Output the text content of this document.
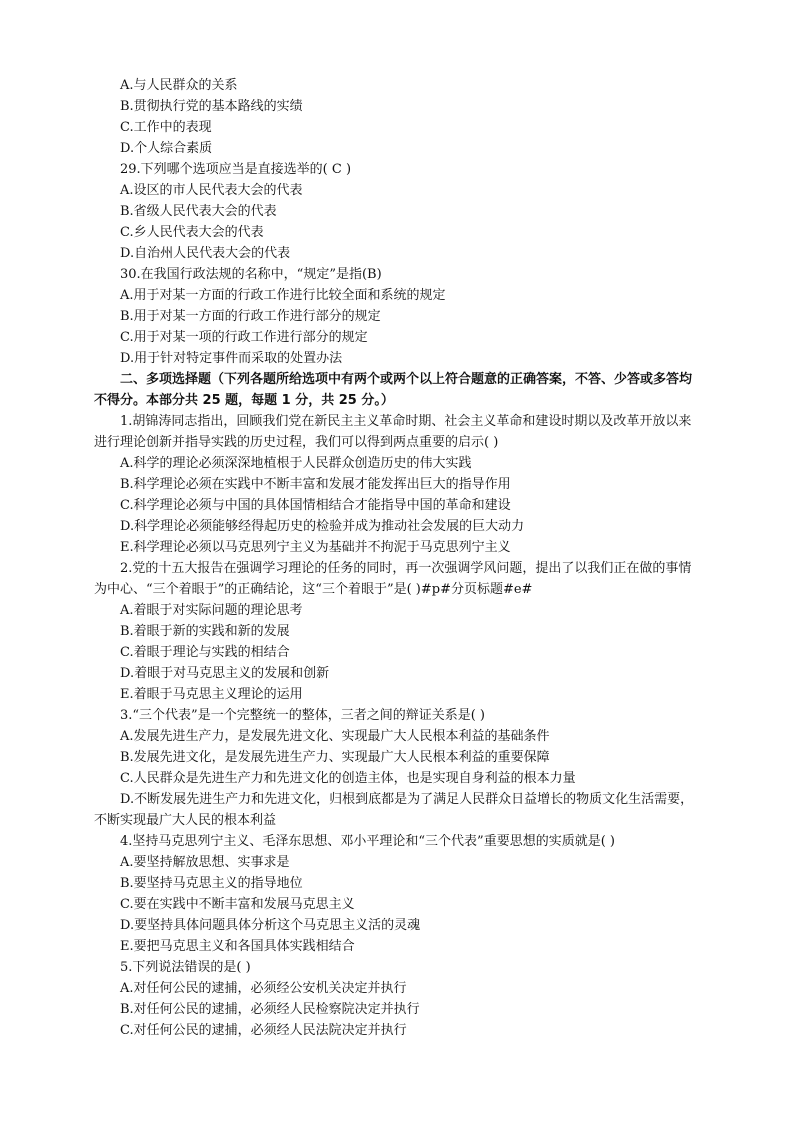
A.与人民群众的关系
B.贯彻执行党的基本路线的实绩
C.工作中的表现
D.个人综合素质
29.下列哪个选项应当是直接选举的( C )
A.设区的市人民代表大会的代表
B.省级人民代表大会的代表
C.乡人民代表大会的代表
D.自治州人民代表大会的代表
30.在我国行政法规的名称中，“规定”是指(B)
A.用于对某一方面的行政工作进行比较全面和系统的规定
B.用于对某一方面的行政工作进行部分的规定
C.用于对某一项的行政工作进行部分的规定
D.用于针对特定事件而采取的处置办法
二、多项选择题（下列各题所给选项中有两个或两个以上符合题意的正确答案，不答、少答或多答均不得分。本部分共 25 题，每题 1 分，共 25 分。）
1.胡锦涛同志指出，回顾我们党在新民主主义革命时期、社会主义革命和建设时期以及改革开放以来进行理论创新并指导实践的历史过程，我们可以得到两点重要的启示( )
A.科学的理论必须深深地植根于人民群众创造历史的伟大实践
B.科学理论必须在实践中不断丰富和发展才能发挥出巨大的指导作用
C.科学理论必须与中国的具体国情相结合才能指导中国的革命和建设
D.科学理论必须能够经得起历史的检验并成为推动社会发展的巨大动力
E.科学理论必须以马克思列宁主义为基础并不拘泥于马克思列宁主义
2.党的十五大报告在强调学习理论的任务的同时，再一次强调学风问题，提出了以我们正在做的事情为中心、“三个着眼于”的正确结论，这“三个着眼于”是( )#p#分页标题#e#
A.着眼于对实际问题的理论思考
B.着眼于新的实践和新的发展
C.着眼于理论与实践的相结合
D.着眼于对马克思主义的发展和创新
E.着眼于马克思主义理论的运用
3.“三个代表”是一个完整统一的整体，三者之间的辩证关系是( )
A.发展先进生产力，是发展先进文化、实现最广大人民根本利益的基础条件
B.发展先进文化，是发展先进生产力、实现最广大人民根本利益的重要保障
C.人民群众是先进生产力和先进文化的创造主体，也是实现自身利益的根本力量
D.不断发展先进生产力和先进文化，归根到底都是为了满足人民群众日益增长的物质文化生活需要，不断实现最广大人民的根本利益
4.坚持马克思列宁主义、毛泽东思想、邓小平理论和“三个代表”重要思想的实质就是( )
A.要坚持解放思想、实事求是
B.要坚持马克思主义的指导地位
C.要在实践中不断丰富和发展马克思主义
D.要坚持具体问题具体分析这个马克思主义活的灵魂
E.要把马克思主义和各国具体实践相结合
5.下列说法错误的是( )
A.对任何公民的逮捕，必须经公安机关决定并执行
B.对任何公民的逮捕，必须经人民检察院决定并执行
C.对任何公民的逮捕，必须经人民法院决定并执行
